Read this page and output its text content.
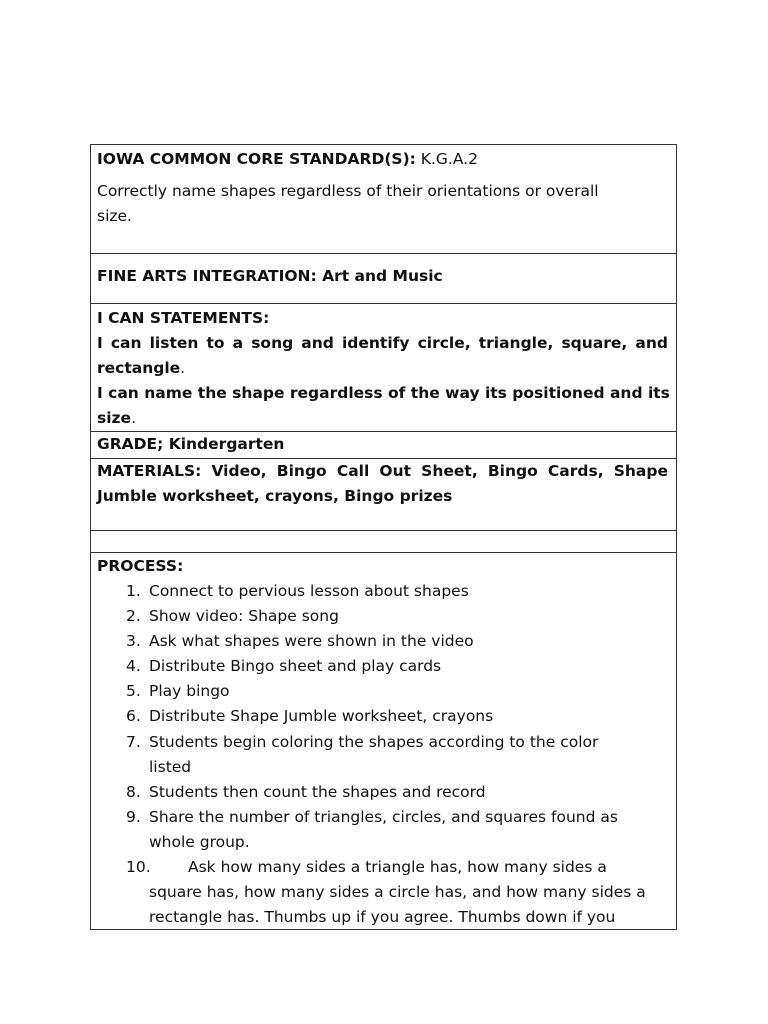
IOWA COMMON CORE STANDARD(S): K.G.A.2
Correctly name shapes regardless of their orientations or overall
size.
FINE ARTS INTEGRATION: Art and Music
I CAN STATEMENTS:
I can listen to a song and identify circle, triangle, square, and
rectangle.
I can name the shape regardless of the way its positioned and its
size.
GRADE; Kindergarten
MATERIALS: Video, Bingo Call Out Sheet, Bingo Cards, Shape
Jumble worksheet, crayons, Bingo prizes
PROCESS:
1. Connect to pervious lesson about shapes
2. Show video: Shape song
3. Ask what shapes were shown in the video
4. Distribute Bingo sheet and play cards
5. Play bingo
6. Distribute Shape Jumble worksheet, crayons
7. Students begin coloring the shapes according to the color
listed
8. Students then count the shapes and record
9. Share the number of triangles, circles, and squares found as
whole group.
10. Ask how many sides a triangle has, how many sides a
square has, how many sides a circle has, and how many sides a
rectangle has. Thumbs up if you agree. Thumbs down if you
